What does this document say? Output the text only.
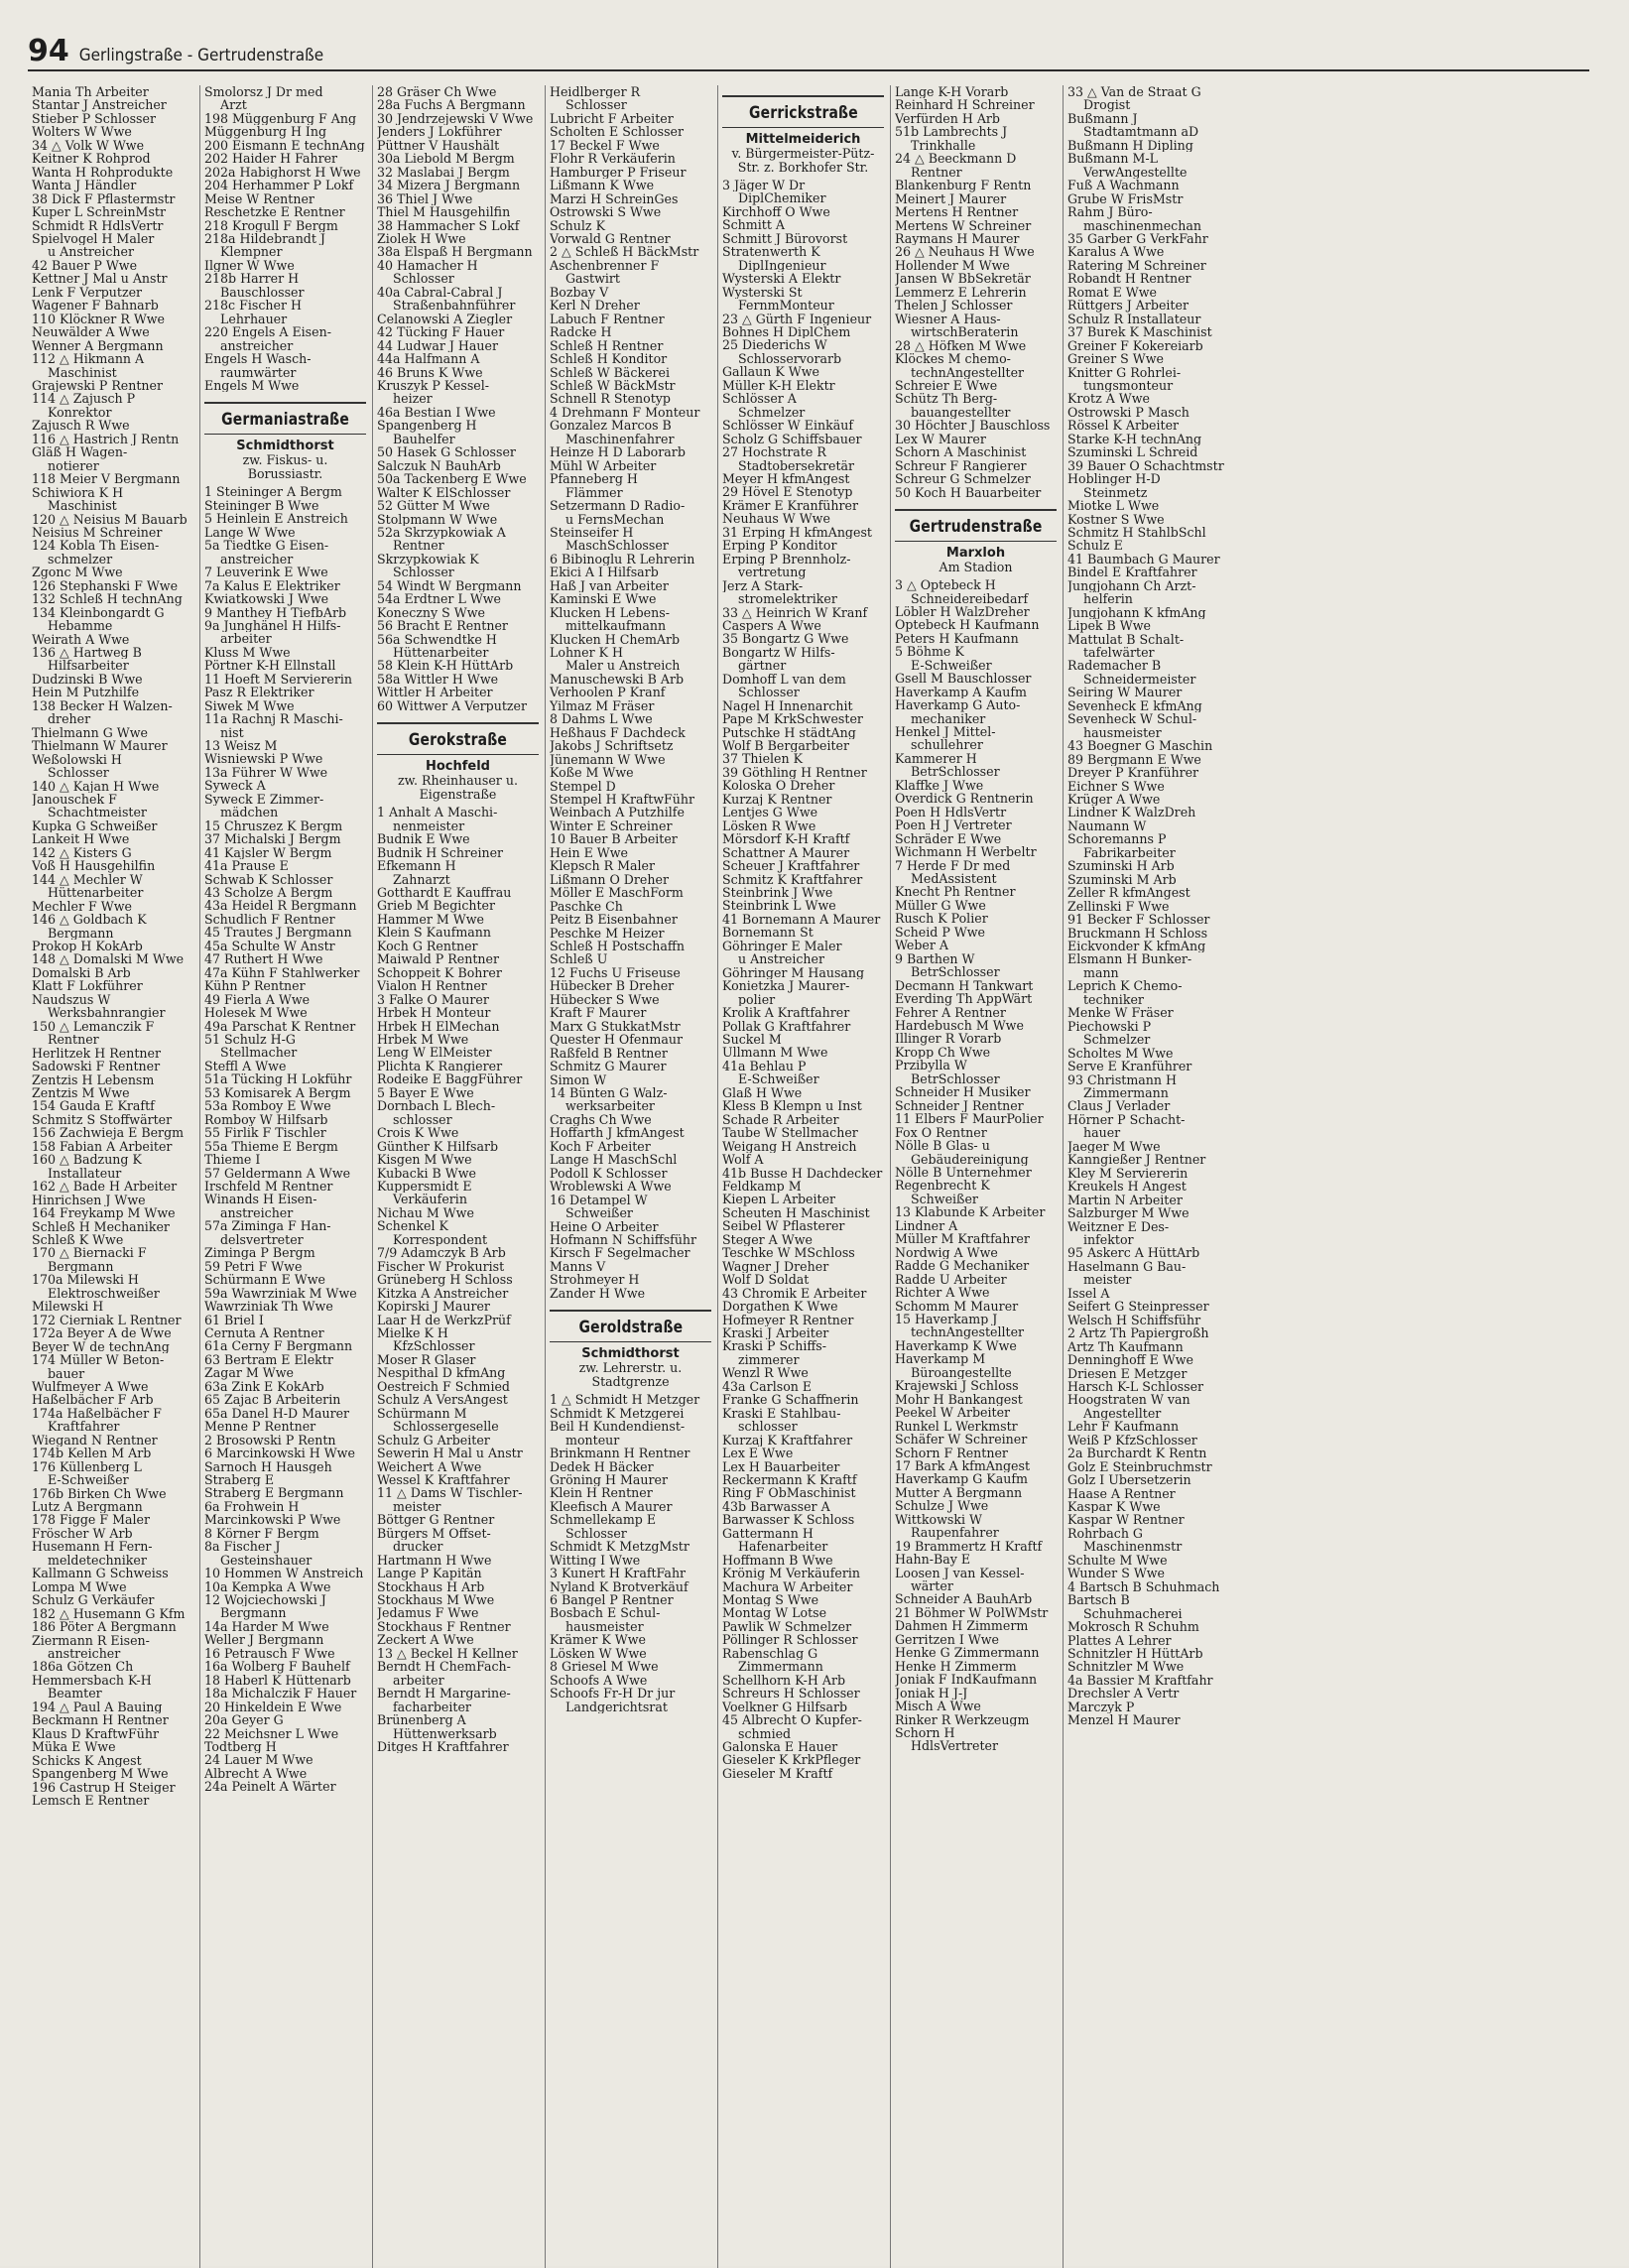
94 Gerlingstraße - Gertrudenstraße
Mania Th Arbeiter
Stantar J Anstreicher
Stieber P Schlosser
Wolters W Wwe
34 △ Volk W Wwe
Keitner K Rohprod
Wanta H Rohprodukte
Wanta J Händler
38 Dick F Pflastermstr
Kuper L SchreinMstr
Schmidt R HdlsVertr
Spielvogel H Maler
u Anstreicher
42 Bauer P Wwe
Kettner J Mal u Anstr
Lenk F Verputzer
Wagener F Bahnarb
110 Klöckner R Wwe
Neuwälder A Wwe
Wenner A Bergmann
112 △ Hikmann A
Maschinist
Grajewski P Rentner
114 △ Zajusch P
Konrektor
Zajusch R Wwe
116 △ Hastrich J Rentn
Gläß H Wagen-
notierer
118 Meier V Bergmann
Schiwiora K H
Maschinist
120 △ Neisius M Bauarb
Neisius M Schreiner
124 Kobla Th Eisen-
schmelzer
Zgonc M Wwe
126 Stephanski F Wwe
132 Schleß H technAng
134 Kleinbongardt G
Hebamme
Weirath A Wwe
136 △ Hartweg B
Hilfsarbeiter
Dudzinski B Wwe
Hein M Putzhilfe
138 Becker H Walzen-
dreher
Thielmann G Wwe
Thielmann W Maurer
Weßolowski H
Schlosser
140 △ Kajan H Wwe
Janouschek F
Schachtmeister
Kupka G Schweißer
Lankeit H Wwe
142 △ Kisters G
Voß H Hausgehilfin
144 △ Mechler W
Hüttenarbeiter
Mechler F Wwe
146 △ Goldbach K
Bergmann
Prokop H KokArb
148 △ Domalski M Wwe
Domalski B Arb
Klatt F Lokführer
Naudszus W
Werksbahnrangier
150 △ Lemanczik F
Rentner
Herlitzek H Rentner
Sadowski F Rentner
Zentzis H Lebensm
Zentzis M Wwe
154 Gauda E Kraftf
Schmitz S Stoffwärter
156 Zachwieja E Bergm
158 Fabian A Arbeiter
160 △ Badzung K
Installateur
162 △ Bade H Arbeiter
Hinrichsen J Wwe
164 Freykamp M Wwe
Schleß H Mechaniker
Schleß K Wwe
170 △ Biernacki F
Bergmann
170a Milewski H
Elektroschweißer
Milewski H
172 Cierniak L Rentner
172a Beyer A de Wwe
Beyer W de technAng
174 Müller W Beton-
bauer
Wulfmeyer A Wwe
Haßelbächer F Arb
174a Haßelbächer F
Kraftfahrer
Wiegand N Rentner
174b Kellen M Arb
176 Küllenberg L
E-Schweißer
176b Birken Ch Wwe
Lutz A Bergmann
178 Figge F Maler
Fröscher W Arb
Husemann H Fern-
meldetechniker
Kallmann G Schweiss
Lompa M Wwe
Schulz G Verkäufer
182 △ Husemann G Kfm
186 Pöter A Bergmann
Ziermann R Eisen-
anstreicher
186a Götzen Ch
Hemmersbach K-H
Beamter
194 △ Paul A Bauing
Beckmann H Rentner
Klaus D KraftwFühr
Müka E Wwe
Schicks K Angest
Spangenberg M Wwe
196 Castrup H Steiger
Lemsch E Rentner
Smolorsz J Dr med
Arzt
198 Müggenburg F Ang
Müggenburg H Ing
200 Eismann E technAng
202 Haider H Fahrer
202a Habighorst H Wwe
204 Herhammer P Lokf
Meise W Rentner
Reschetzke E Rentner
218 Krogull F Bergm
218a Hildebrandt J
Klempner
Ilgner W Wwe
218b Harrer H
Bauschlosser
218c Fischer H
Lehrhauer
220 Engels A Eisen-
anstreicher
Engels H Wasch-
raumwärter
Engels M Wwe
Germaniastraße
Schmidthorst
zw. Fiskus- u. Borussiastr.
1 Steininger A Bergm
Steininger B Wwe
5 Heinlein E Anstreich
Lange W Wwe
5a Tiedtke G Eisen-
anstreicher
7 Leuverink E Wwe
7a Kalus E Elektriker
Kwiatkowski J Wwe
9 Manthey H TiefbArb
9a Junghänel H Hilfs-
arbeiter
Kluss M Wwe
Pörtner K-H Ellnstall
11 Hoeft M Serviererin
Pasz R Elektriker
Siwek M Wwe
11a Rachnj R Maschi-
nist
13 Weisz M
Wisniewski P Wwe
13a Führer W Wwe
Syweck A
Syweck E Zimmer-
mädchen
15 Chruszez K Bergm
37 Michalski J Bergm
41 Kajsler W Bergm
41a Prause E
Schwab K Schlosser
43 Scholze A Bergm
43a Heidel R Bergmann
Schudlich F Rentner
45 Trautes J Bergmann
45a Schulte W Anstr
47 Ruthert H Wwe
47a Kühn F Stahlwerker
Kühn P Rentner
49 Fierla A Wwe
Holesek M Wwe
49a Parschat K Rentner
51 Schulz H-G
Stellmacher
Steffl A Wwe
51a Tücking H Lokführ
53 Komisarek A Bergm
53a Romboy E Wwe
Romboy W Hilfsarb
55 Firlik F Tischler
55a Thieme E Bergm
Thieme I
57 Geldermann A Wwe
Irschfeld M Rentner
Winands H Eisen-
anstreicher
57a Ziminga F Han-
delsvertreter
Ziminga P Bergm
59 Petri F Wwe
Schürmann E Wwe
59a Wawrziniak M Wwe
Wawrziniak Th Wwe
61 Briel I
Cernuta A Rentner
61a Cerny F Bergmann
63 Bertram E Elektr
Zagar M Wwe
63a Zink E KokArb
65 Zajac B Arbeiterin
65a Danel H-D Maurer
Menne P Rentner
2 Brosowski P Rentn
6 Marcinkowski H Wwe
Sarnoch H Hausgeh
Straberg E
Straberg E Bergmann
6a Frohwein H
Marcinkowski P Wwe
8 Körner F Bergm
8a Fischer J
Gesteinshauer
10 Hommen W Anstreich
10a Kempka A Wwe
12 Wojciechowski J
Bergmann
14a Harder M Wwe
Weller J Bergmann
16 Petrausch F Wwe
16a Wolberg F Bauhelf
18 Haberl K Hüttenarb
18a Michalczik F Hauer
20 Hinkeldein E Wwe
20a Geyer G
22 Meichsner L Wwe
Todtberg H
24 Lauer M Wwe
Albrecht A Wwe
24a Peinelt A Wärter
28 Gräser Ch Wwe
28a Fuchs A Bergmann
30 Jendrzejewski V Wwe
Jenders J Lokführer
Püttner V Haushält
30a Liebold M Bergm
32 Maslabai J Bergm
34 Mizera J Bergmann
36 Thiel J Wwe
Thiel M Hausgehilfin
38 Hammacher S Lokf
Ziolek H Wwe
38a Elspaß H Bergmann
40 Hamacher H
Schlosser
40a Cabral-Cabral J
Straßenbahnführer
Celanowski A Ziegler
42 Tücking F Hauer
44 Ludwar J Hauer
44a Halfmann A
46 Bruns K Wwe
Kruszyk P Kessel-
heizer
46a Bestian I Wwe
Spangenberg H
Bauhelfer
50 Hasek G Schlosser
Salczuk N BauhArb
50a Tackenberg E Wwe
Walter K ElSchlosser
52 Gütter M Wwe
Stolpmann W Wwe
52a Skrzypkowiak A
Rentner
Skrzypkowiak K
Schlosser
54 Windt W Bergmann
54a Erdtner L Wwe
Koneczny S Wwe
56 Bracht E Rentner
56a Schwendtke H
Hüttenarbeiter
58 Klein K-H HüttArb
58a Wittler H Wwe
Wittler H Arbeiter
60 Wittwer A Verputzer
Gerokstraße
Hochfeld
zw. Rheinhauser u. Eigenstraße
1 Anhalt A Maschi-
nenmeister
Budnik E Wwe
Budnik H Schreiner
Efkemann H
Zahnarzt
Gotthardt E Kauffrau
Grieb M Begichter
Hammer M Wwe
Klein S Kaufmann
Koch G Rentner
Maiwald P Rentner
Schoppeit K Bohrer
Vialon H Rentner
3 Falke O Maurer
Hrbek H Monteur
Hrbek H ElMechan
Hrbek M Wwe
Leng W ElMeister
Plichta K Rangierer
Rodeike E BaggFührer
5 Bayer E Wwe
Dornbach L Blech-
schlosser
Crois K Wwe
Günther K Hilfsarb
Kisgen M Wwe
Kubacki B Wwe
Kuppersmidt E
Verkäuferin
Nichau M Wwe
Schenkel K
Korrespondent
7/9 Adamczyk B Arb
Fischer W Prokurist
Grüneberg H Schloss
Kitzka A Anstreicher
Kopirski J Maurer
Laar H de WerkzPrüf
Mielke K H
KfzSchlosser
Moser R Glaser
Nespithal D kfmAng
Oestreich F Schmied
Schulz A VersAngest
Schürmann M
Schlossergeselle
Schulz G Arbeiter
Sewerin H Mal u Anstr
Weichert A Wwe
Wessel K Kraftfahrer
11 △ Dams W Tischler-
meister
Böttger G Rentner
Bürgers M Offset-
drucker
Hartmann H Wwe
Lange P Kapitän
Stockhaus H Arb
Stockhaus M Wwe
Jedamus F Wwe
Stockhaus F Rentner
Zeckert A Wwe
13 △ Beckel H Kellner
Berndt H ChemFach-
arbeiter
Berndt H Margarine-
facharbeiter
Brünenberg A
Hüttenwerksarb
Ditges H Kraftfahrer
Heidlberger R
Schlosser
Lubricht F Arbeiter
Scholten E Schlosser
17 Beckel F Wwe
Flohr R Verkäuferin
Hamburger P Friseur
Lißmann K Wwe
Marzi H SchreinGes
Ostrowski S Wwe
Schulz K
Vorwald G Rentner
2 △ Schleß H BäckMstr
Aschenbrenner F
Gastwirt
Bozbay V
Kerl N Dreher
Labuch F Rentner
Radcke H
Schleß H Rentner
Schleß H Konditor
Schleß W Bäckerei
Schleß W BäckMstr
Schnell R Stenotyp
4 Drehmann F Monteur
Gonzalez Marcos B
Maschinenfahrer
Heinze H D Laborarb
Mühl W Arbeiter
Pfanneberg H
Flämmer
Setzermann D Radio-
u FernsMechan
Steinseifer H
MaschSchlosser
6 Bibinoglu R Lehrerin
Ekici A I Hilfsarb
Haß J van Arbeiter
Kaminski E Wwe
Klucken H Lebens-
mittelkaufmann
Klucken H ChemArb
Lohner K H
Maler u Anstreich
Manuschewski B Arb
Verhoolen P Kranf
Yilmaz M Fräser
8 Dahms L Wwe
Heßhaus F Dachdeck
Jakobs J Schriftsetz
Jünemann W Wwe
Koße M Wwe
Stempel D
Stempel H KraftwFühr
Weinbach A Putzhilfe
Winter E Schreiner
10 Bauer B Arbeiter
Hein E Wwe
Klepsch R Maler
Lißmann O Dreher
Möller E MaschForm
Paschke Ch
Peitz B Eisenbahner
Peschke M Heizer
Schleß H Postschaffn
Schleß U
12 Fuchs U Friseuse
Hübecker B Dreher
Hübecker S Wwe
Kraft F Maurer
Marx G StukkatMstr
Quester H Ofenmaur
Raßfeld B Rentner
Schmitz G Maurer
Simon W
14 Bünten G Walz-
werksarbeiter
Craghs Ch Wwe
Hoffarth J kfmAngest
Koch F Arbeiter
Lange H MaschSchl
Podoll K Schlosser
Wroblewski A Wwe
16 Detampel W
Schweißer
Heine O Arbeiter
Hofmann N Schiffsführ
Kirsch F Segelmacher
Manns V
Strohmeyer H
Zander H Wwe
Geroldstraße
Schmidthorst
zw. Lehrerstr. u. Stadtgrenze
1 △ Schmidt H Metzger
Schmidt K Metzgerei
Beil H Kundendienst-
monteur
Brinkmann H Rentner
Dedek H Bäcker
Gröning H Maurer
Klein H Rentner
Kleefisch A Maurer
Schmellekamp E
Schlosser
Schmidt K MetzgMstr
Witting I Wwe
3 Kunert H KraftFahr
Nyland K Brotverkäuf
6 Bangel P Rentner
Bosbach E Schul-
hausmeister
Krämer K Wwe
Lösken W Wwe
8 Griesel M Wwe
Schoofs A Wwe
Schoofs Fr-H Dr jur
Landgerichtsrat
Gerrickstraße
Mittelmeiderich
v. Bürgermeister-Pütz-Str. z. Borkhofer Str.
3 Jäger W Dr
DiplChemiker
Kirchhoff O Wwe
Schmitt A
Schmitt J Bürovorst
Stratenwerth K
DiplIngenieur
Wysterski A Elektr
Wysterski St
FernmMonteur
23 △ Gürth F Ingenieur
Bohnes H DiplChem
25 Diederichs W
Schlosservorarb
Gallaun K Wwe
Müller K-H Elektr
Schlösser A
Schmelzer
Schlösser W Einkäuf
Scholz G Schiffsbauer
27 Hochstrate R
Stadtobersekretär
Meyer H kfmAngest
29 Hövel E Stenotyp
Krämer E Kranführer
Neuhaus W Wwe
31 Erping H kfmAngest
Erping P Konditor
Erping P Brennholz-
vertretung
Jerz A Stark-
stromelektriker
33 △ Heinrich W Kranf
Caspers A Wwe
35 Bongartz G Wwe
Bongartz W Hilfs-
gärtner
Domhoff L van dem
Schlosser
Nagel H Innenarchit
Pape M KrkSchwester
Putschke H städtAng
Wolf B Bergarbeiter
37 Thielen K
39 Göthling H Rentner
Koloska O Dreher
Kurzaj K Rentner
Lentjes G Wwe
Lösken R Wwe
Mörsdorf K-H Kraftf
Schattner A Maurer
Scheuer J Kraftfahrer
Schmitz K Kraftfahrer
Steinbrink J Wwe
Steinbrink L Wwe
41 Bornemann A Maurer
Bornemann St
Göhringer E Maler
u Anstreicher
Göhringer M Hausang
Konietzka J Maurer-
polier
Krolik A Kraftfahrer
Pollak G Kraftfahrer
Suckel M
Ullmann M Wwe
41a Behlau P
E-Schweißer
Glaß H Wwe
Kless B Klempn u Inst
Schade R Arbeiter
Taube W Stellmacher
Weigang H Anstreich
Wolf A
41b Busse H Dachdecker
Feldkamp M
Kiepen L Arbeiter
Scheuten H Maschinist
Seibel W Pflasterer
Steger A Wwe
Teschke W MSchloss
Wagner J Dreher
Wolf D Soldat
43 Chromik E Arbeiter
Dorgathen K Wwe
Hofmeyer R Rentner
Kraski J Arbeiter
Kraski P Schiffs-
zimmerer
Wenzl R Wwe
43a Carlson E
Franke G Schaffnerin
Kraski E Stahlbau-
schlosser
Kurzaj K Kraftfahrer
Lex E Wwe
Lex H Bauarbeiter
Reckermann K Kraftf
Ring F ObMaschinist
43b Barwasser A
Barwasser K Schloss
Gattermann H
Hafenarbeiter
Hoffmann B Wwe
Krönig M Verkäuferin
Machura W Arbeiter
Montag S Wwe
Montag W Lotse
Pawlik W Schmelzer
Pöllinger R Schlosser
Rabenschlag G
Zimmermann
Schellhorn K-H Arb
Schreurs H Schlosser
Voelkner G Hilfsarb
45 Albrecht O Kupfer-
schmied
Galonska E Hauer
Gieseler K KrkPfleger
Gieseler M Kraftf
Lange K-H Vorarb
Reinhard H Schreiner
Verfürden H Arb
51b Lambrechts J
Trinkhalle
24 △ Beeckmann D
Rentner
Blankenburg F Rentn
Meinert J Maurer
Mertens H Rentner
Mertens W Schreiner
Raymans H Maurer
26 △ Neuhaus H Wwe
Hollender M Wwe
Jansen W BbSekretär
Lemmerz E Lehrerin
Thelen J Schlosser
Wiesner A Haus-
wirtschBeraterin
28 △ Höfken M Wwe
Klöckes M chemo-
technAngestellter
Schreier E Wwe
Schütz Th Berg-
bauangestellter
30 Höchter J Bauschloss
Lex W Maurer
Schorn A Maschinist
Schreur F Rangierer
Schreur G Schmelzer
50 Koch H Bauarbeiter
Gertrudenstraße
Marxloh
Am Stadion
3 △ Optebeck H
Schneidereibedarf
Löbler H WalzDreher
Optebeck H Kaufmann
Peters H Kaufmann
5 Böhme K
E-Schweißer
Gsell M Bauschlosser
Haverkamp A Kaufm
Haverkamp G Auto-
mechaniker
Henkel J Mittel-
schullehrer
Kammerer H
BetrSchlosser
Klaffke J Wwe
Overdick G Rentnerin
Poen H HdlsVertr
Poen H J Vertreter
Schräder E Wwe
Wichmann H Werbeltr
7 Herde F Dr med
MedAssistent
Knecht Ph Rentner
Müller G Wwe
Rusch K Polier
Scheid P Wwe
Weber A
9 Barthen W
BetrSchlosser
Decmann H Tankwart
Everding Th AppWärt
Fehrer A Rentner
Hardebusch M Wwe
Illinger R Vorarb
Kropp Ch Wwe
Przibylla W
BetrSchlosser
Schneider H Musiker
Schneider J Rentner
11 Elbers F MaurPolier
Fox O Rentner
Nölle B Glas- u
Gebäudereinigung
Nölle B Unternehmer
Regenbrecht K
Schweißer
13 Klabunde K Arbeiter
Lindner A
Müller M Kraftfahrer
Nordwig A Wwe
Radde G Mechaniker
Radde U Arbeiter
Richter A Wwe
Schomm M Maurer
15 Haverkamp J
technAngestellter
Haverkamp K Wwe
Haverkamp M
Büroangestellte
Krajewski J Schloss
Mohr H Bankangest
Peekel W Arbeiter
Runkel L Werkmstr
Schäfer W Schreiner
Schorn F Rentner
17 Bark A kfmAngest
Haverkamp G Kaufm
Mutter A Bergmann
Schulze J Wwe
Wittkowski W
Raupenfahrer
19 Brammertz H Kraftf
Hahn-Bay E
Loosen J van Kessel-
wärter
Schneider A BauhArb
21 Böhmer W PolWMstr
Dahmen H Zimmerm
Gerritzen I Wwe
Henke G Zimmermann
Henke H Zimmerm
Joniak F IndKaufmann
Joniak H J-J
Misch A Wwe
Rinker R Werkzeugm
Schorn H
HdlsVertreter
33 △ Van de Straat G
Drogist
Bußmann J
Stadtamtmann aD
Bußmann H Dipling
Bußmann M-L
VerwAngestellte
Fuß A Wachmann
Grube W FrisMstr
Rahm J Büro-
maschinenmechan
35 Garber G VerkFahr
Karalus A Wwe
Ratering M Schreiner
Robandt H Rentner
Romat E Wwe
Rüttgers J Arbeiter
Schulz R Installateur
37 Burek K Maschinist
Greiner F Kokereiarb
Greiner S Wwe
Knitter G Rohrlei-
tungsmonteur
Krotz A Wwe
Ostrowski P Masch
Rössel K Arbeiter
Starke K-H technAng
Szuminski L Schreid
39 Bauer O Schachtmstr
Hoblinger H-D
Steinmetz
Miotke L Wwe
Kostner S Wwe
Schmitz H StahlbSchl
Schulz E
41 Baumbach G Maurer
Bindel E Kraftfahrer
Jungjohann Ch Arzt-
helferin
Jungjohann K kfmAng
Lipek B Wwe
Mattulat B Schalt-
tafelwärter
Rademacher B
Schneidermeister
Seiring W Maurer
Sevenheck E kfmAng
Sevenheck W Schul-
hausmeister
43 Boegner G Maschin
89 Bergmann E Wwe
Dreyer P Kranführer
Eichner S Wwe
Krüger A Wwe
Lindner K WalzDreh
Naumann W
Schoremanns P
Fabrikarbeiter
Szuminski H Arb
Szuminski M Arb
Zeller R kfmAngest
Zellinski F Wwe
91 Becker F Schlosser
Bruckmann H Schloss
Eickvonder K kfmAng
Elsmann H Bunker-
mann
Leprich K Chemo-
techniker
Menke W Fräser
Piechowski P
Schmelzer
Scholtes M Wwe
Serve E Kranführer
93 Christmann H
Zimmermann
Claus J Verlader
Hörner P Schacht-
hauer
Jaeger M Wwe
Kanngießer J Rentner
Kley M Serviererin
Kreukels H Angest
Martin N Arbeiter
Salzburger M Wwe
Weitzner E Des-
infektor
95 Askerc A HüttArb
Haselmann G Bau-
meister
Issel A
Seifert G Steinpresser
Welsch H Schiffsführ
2 Artz Th Papiergroßh
Artz Th Kaufmann
Denninghoff E Wwe
Driesen E Metzger
Harsch K-L Schlosser
Hoogstraten W van
Angestellter
Lehr F Kaufmann
Weiß P KfzSchlosser
2a Burchardt K Rentn
Golz E Steinbruchmstr
Golz I Übersetzerin
Haase A Rentner
Kaspar K Wwe
Kaspar W Rentner
Rohrbach G
Maschinenmstr
Schulte M Wwe
Wunder S Wwe
4 Bartsch B Schuhmach
Bartsch B
Schuhmacherei
Mokrosch R Schuhm
Plattes A Lehrer
Schnitzler H HüttArb
Schnitzler M Wwe
4a Bassier M Kraftfahr
Drechsler A Vertr
Marczyk P
Menzel H Maurer
